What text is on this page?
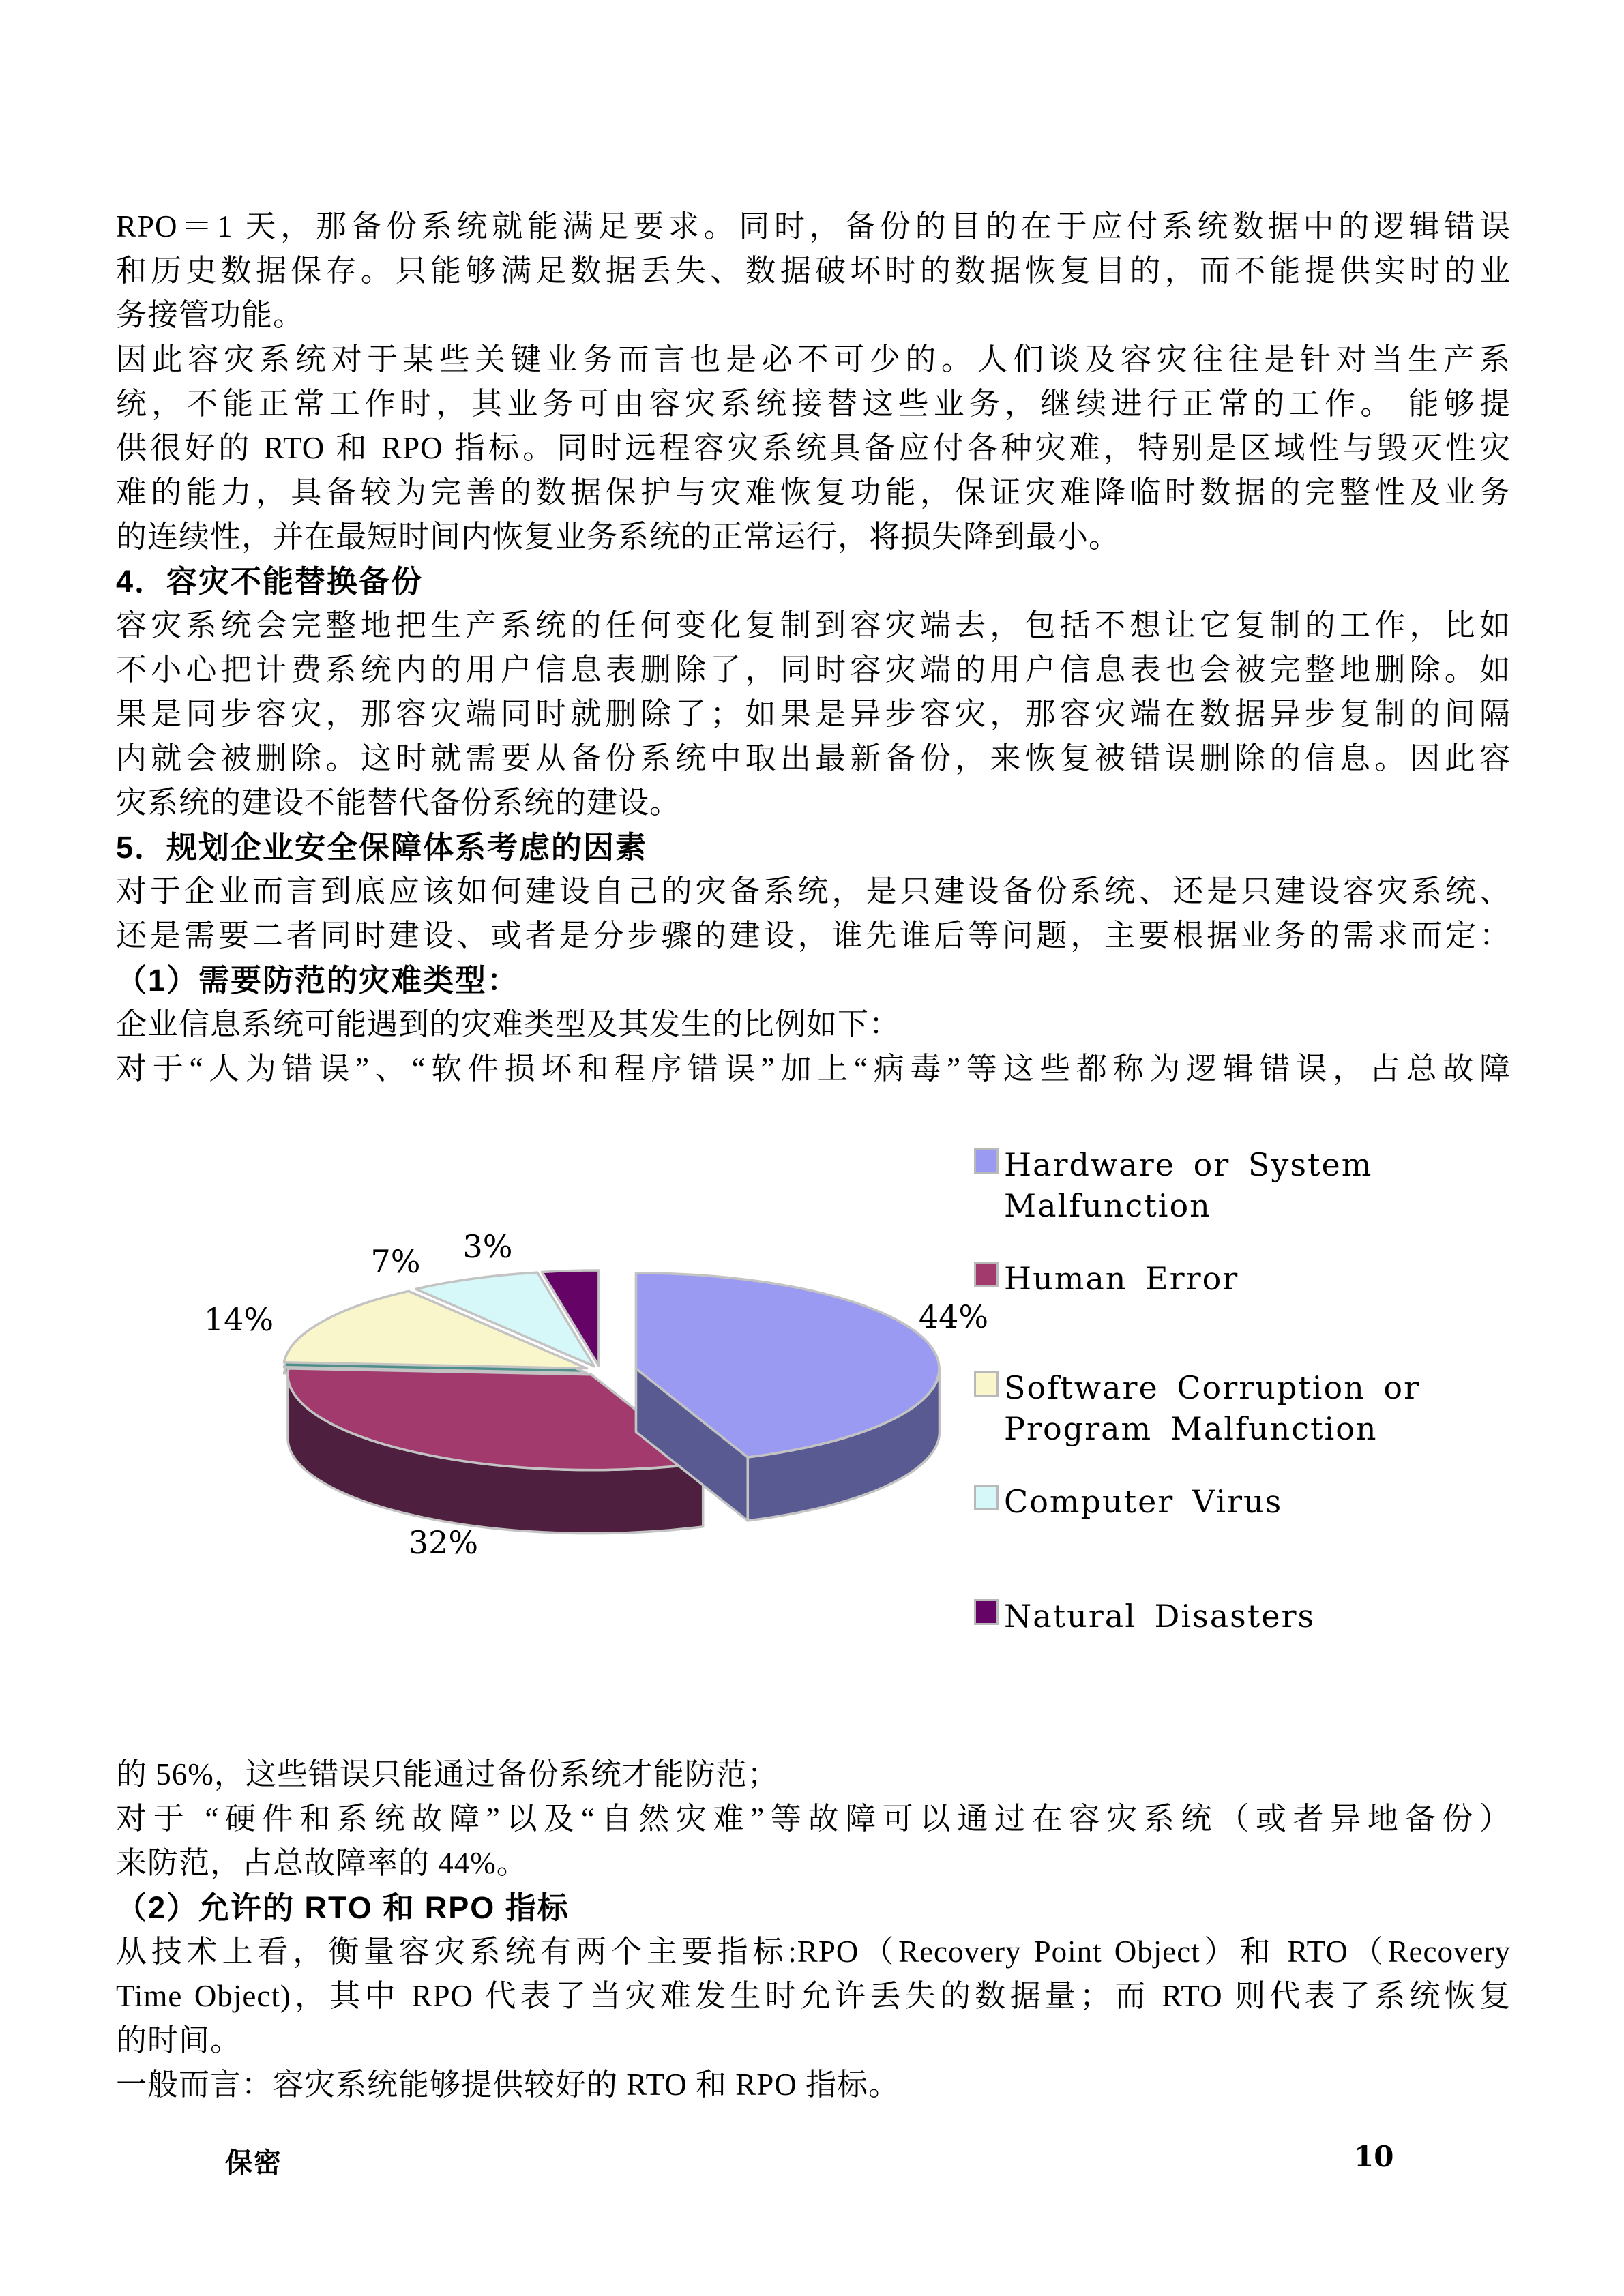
RPO＝1 天，那备份系统就能满足要求。同时，备份的目的在于应付系统数据中的逻辑错误
和历史数据保存。只能够满足数据丢失、数据破坏时的数据恢复目的，而不能提供实时的业
务接管功能。
因此容灾系统对于某些关键业务而言也是必不可少的。人们谈及容灾往往是针对当生产系
统，不能正常工作时，其业务可由容灾系统接替这些业务，继续进行正常的工作。 能够提
供很好的 RTO 和 RPO 指标。同时远程容灾系统具备应付各种灾难，特别是区域性与毁灭性灾
难的能力，具备较为完善的数据保护与灾难恢复功能，保证灾难降临时数据的完整性及业务
的连续性，并在最短时间内恢复业务系统的正常运行，将损失降到最小。
4．容灾不能替换备份
容灾系统会完整地把生产系统的任何变化复制到容灾端去，包括不想让它复制的工作，比如
不小心把计费系统内的用户信息表删除了，同时容灾端的用户信息表也会被完整地删除。如
果是同步容灾，那容灾端同时就删除了；如果是异步容灾，那容灾端在数据异步复制的间隔
内就会被删除。这时就需要从备份系统中取出最新备份，来恢复被错误删除的信息。因此容
灾系统的建设不能替代备份系统的建设。
5．规划企业安全保障体系考虑的因素
对于企业而言到底应该如何建设自己的灾备系统，是只建设备份系统、还是只建设容灾系统、
还是需要二者同时建设、或者是分步骤的建设，谁先谁后等问题，主要根据业务的需求而定：
（1）需要防范的灾难类型：
企业信息系统可能遇到的灾难类型及其发生的比例如下：
对于“人为错误”、“软件损坏和程序错误”加上“病毒”等这些都称为逻辑错误，占总故障
44%
32%
14%
7% 3%
Hardware or System
Malfunction
Human Error
Software Corruption or
Program Malfunction
Computer Virus
Natural Disasters
的 56%，这些错误只能通过备份系统才能防范；
对于 “硬件和系统故障”以及“自然灾难”等故障可以通过在容灾系统（或者异地备份）
来防范，占总故障率的 44%。
（2）允许的 RTO 和 RPO 指标
从技术上看，衡量容灾系统有两个主要指标:RPO（Recovery Point Object）和 RTO（Recovery
Time Object)，其中 RPO 代表了当灾难发生时允许丢失的数据量；而 RTO 则代表了系统恢复
的时间。
一般而言：容灾系统能够提供较好的 RTO 和 RPO 指标。
保密	10
